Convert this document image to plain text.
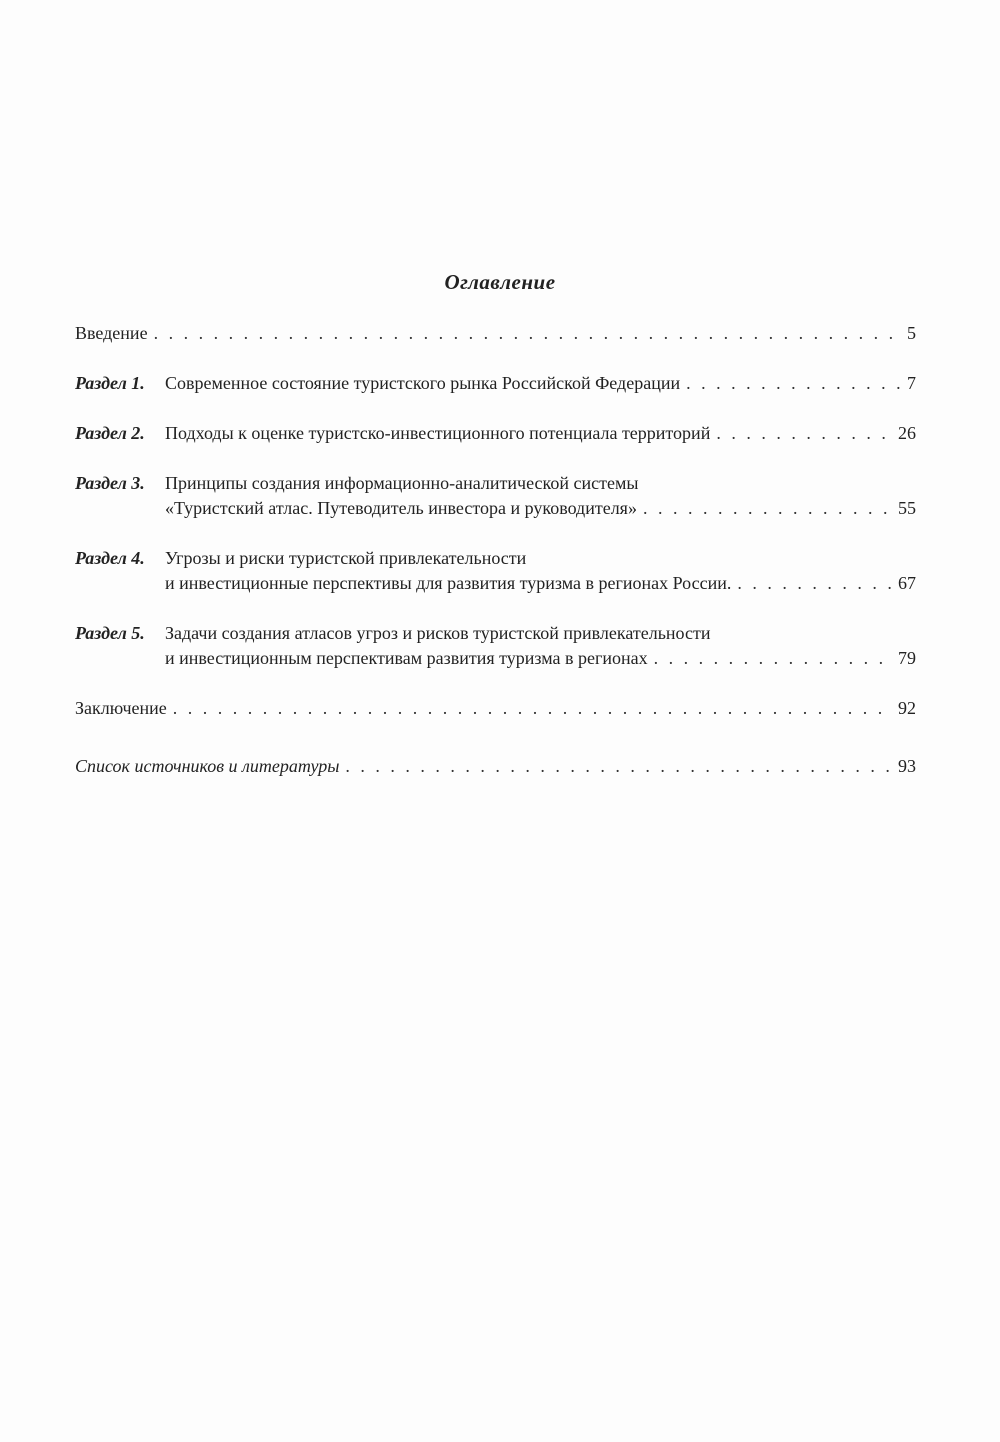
Оглавление
Введение . . .	5
Раздел 1.	Современное состояние туристского рынка Российской Федерации . . .	7
Раздел 2.	Подходы к оценке туристско-инвестиционного потенциала территорий . . .	26
Раздел 3.	Принципы создания информационно-аналитической системы
«Туристский атлас. Путеводитель инвестора и руководителя» . . .	55
Раздел 4.	Угрозы и риски туристской привлекательности
и инвестиционные перспективы для развития туризма в регионах России. . . .	67
Раздел 5.	Задачи создания атласов угроз и рисков туристской привлекательности
и инвестиционным перспективам развития туризма в регионах . . .	79
Заключение . . .	92
Список источников и литературы . . .	93
